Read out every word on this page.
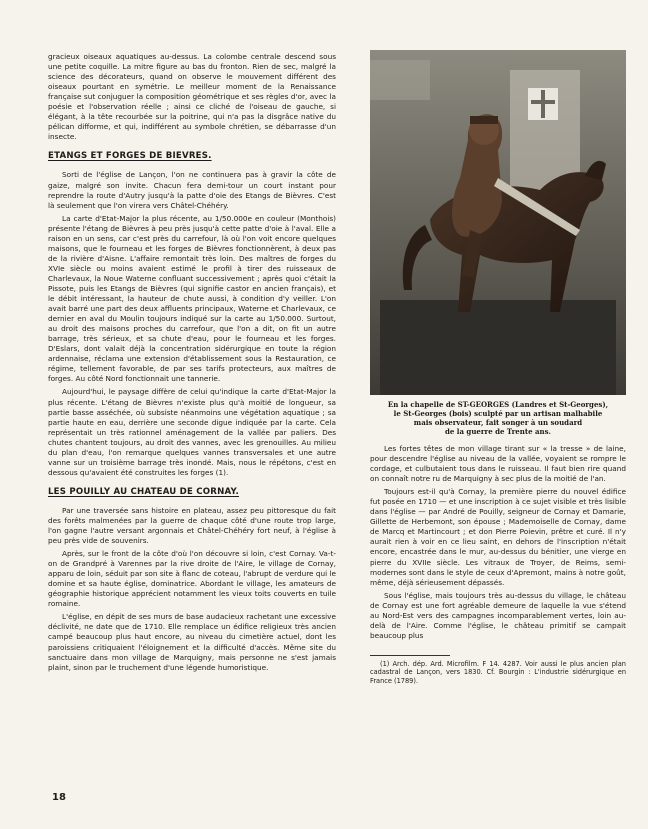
gracieux oiseaux aquatiques au-dessus. La colombe centrale descend sous une petite coquille. La mitre figure au bas du fronton. Rien de sec, malgré la science des décorateurs, quand on observe le mouvement différent des oiseaux pourtant en symétrie. Le meilleur moment de la Renaissance française sut conjuguer la composition géométrique et ses règles d'or, avec la poésie et l'observation réelle ; ainsi ce cliché de l'oiseau de gauche, si élégant, à la tête recourbée sur la poitrine, qui n'a pas la disgrâce native du pélican difforme, et qui, indifférent au symbole chrétien, se débarrasse d'un insecte.

ETANGS ET FORGES DE BIEVRES.

Sorti de l'église de Lançon, l'on ne continuera pas à gravir la côte de gaize, malgré son invite. Chacun fera demi-tour un court instant pour reprendre la route d'Autry jusqu'à la patte d'oie des Etangs de Bièvres. C'est là seulement que l'on virera vers Châtel-Chéhéry.

La carte d'Etat-Major la plus récente, au 1/50.000e en couleur (Monthois) présente l'étang de Bièvres à peu près jusqu'à cette patte d'oie à l'aval. Elle a raison en un sens, car c'est près du carrefour, là où l'on voit encore quelques maisons, que le fourneau et les forges de Bièvres fonctionnèrent, à deux pas de la rivière d'Aisne. L'affaire remontait très loin. Des maîtres de forges du XVIe siècle ou moins avaient estimé le profil à tirer des ruisseaux de Charlevaux, la Noue Waterne confluant successivement ; après quoi c'était la Pissote, puis les Etangs de Bièvres (qui signifie castor en ancien français), et le débit intéressant, la hauteur de chute aussi, à condition d'y veiller. L'on avait barré une part des deux affluents principaux, Waterne et Charlevaux, ce dernier en aval du Moulin toujours indiqué sur la carte au 1/50.000. Surtout, au droit des maisons proches du carrefour, que l'on a dit, on fit un autre barrage, très sérieux, et sa chute d'eau, pour le fourneau et les forges. D'Eslars, dont valait déjà la concentration sidérurgique en toute la région ardennaise, réclama une extension d'établissement sous la Restauration, ce régime, tellement favorable, de par ses tarifs protecteurs, aux maîtres de forges. Au côté Nord fonctionnait une tannerie.

Aujourd'hui, le paysage diffère de celui qu'indique la carte d'Etat-Major la plus récente. L'étang de Bièvres n'existe plus qu'à moitié de longueur, sa partie basse asséchée, où subsiste néanmoins une végétation aquatique ; sa partie haute en eau, derrière une seconde digue indiquée par la carte. Cela représentait un très rationnel aménagement de la vallée par paliers. Des chutes chantent toujours, au droit des vannes, avec les grenouilles. Au milieu du plan d'eau, l'on remarque quelques vannes transversales et une autre vanne sur un troisième barrage très inondé. Mais, nous le répétons, c'est en dessous qu'avaient été construites les forges (1).

LES POUILLY AU CHATEAU DE CORNAY.

Par une traversée sans histoire en plateau, assez peu pittoresque du fait des forêts malmenées par la guerre de chaque côté d'une route trop large, l'on gagne l'autre versant argonnais et Châtel-Chéhéry fort neuf, à l'église à peu près vide de souvenirs.

Après, sur le front de la côte d'où l'on découvre si loin, c'est Cornay. Va-t-on de Grandpré à Varennes par la rive droite de l'Aire, le village de Cornay, apparu de loin, séduit par son site à flanc de coteau, l'abrupt de verdure qui le domine et sa haute église, dominatrice. Abordant le village, les amateurs de géographie historique apprécient notamment les vieux toits couverts en tuile romaine.

L'église, en dépit de ses murs de base audacieux rachetant une excessive déclivité, ne date que de 1710. Elle remplace un édifice religieux très ancien campé beaucoup plus haut encore, au niveau du cimetière actuel, dont les paroissiens critiquaient l'éloignement et la difficulté d'accès. Même site du sanctuaire dans mon village de Marquigny, mais personne ne s'est jamais plaint, sinon par le truchement d'une légende humoristique.

En la chapelle de ST-GEORGES (Landres et St-Georges),
le St-Georges (bois) sculpté par un artisan malhabile
mais observateur, fait songer à un soudard
de la guerre de Trente ans.

Les fortes têtes de mon village tirant sur « la tresse » de laine, pour descendre l'église au niveau de la vallée, voyaient se rompre le cordage, et culbutaient tous dans le ruisseau. Il faut bien rire quand on connaît notre ru de Marquigny à sec plus de la moitié de l'an.

Toujours est-il qu'à Cornay, la première pierre du nouvel édifice fut posée en 1710 — et une inscription à ce sujet visible et très lisible dans l'église — par André de Pouilly, seigneur de Cornay et Damarie, Gillette de Herbemont, son épouse ; Mademoiselle de Cornay, dame de Marcq et Martincourt ; et don Pierre Poievin, prêtre et curé. Il n'y aurait rien à voir en ce lieu saint, en dehors de l'inscription n'était encore, encastrée dans le mur, au-dessus du bénitier, une vierge en pierre du XVIIe siècle. Les vitraux de Troyer, de Reims, semi-modernes sont dans le style de ceux d'Apremont, mains à notre goût, même, déjà sérieusement dépassés.

Sous l'église, mais toujours très au-dessus du village, le château de Cornay est une fort agréable demeure de laquelle la vue s'étend au Nord-Est vers des campagnes incomparablement vertes, loin au-delà de l'Aire. Comme l'église, le château primitif se campait beaucoup plus

(1) Arch. dép. Ard. Microfilm. F 14. 4287. Voir aussi le plus ancien plan cadastral de Lançon, vers 1830. Cf. Bourgin : L'industrie sidérurgique en France (1789).

18
